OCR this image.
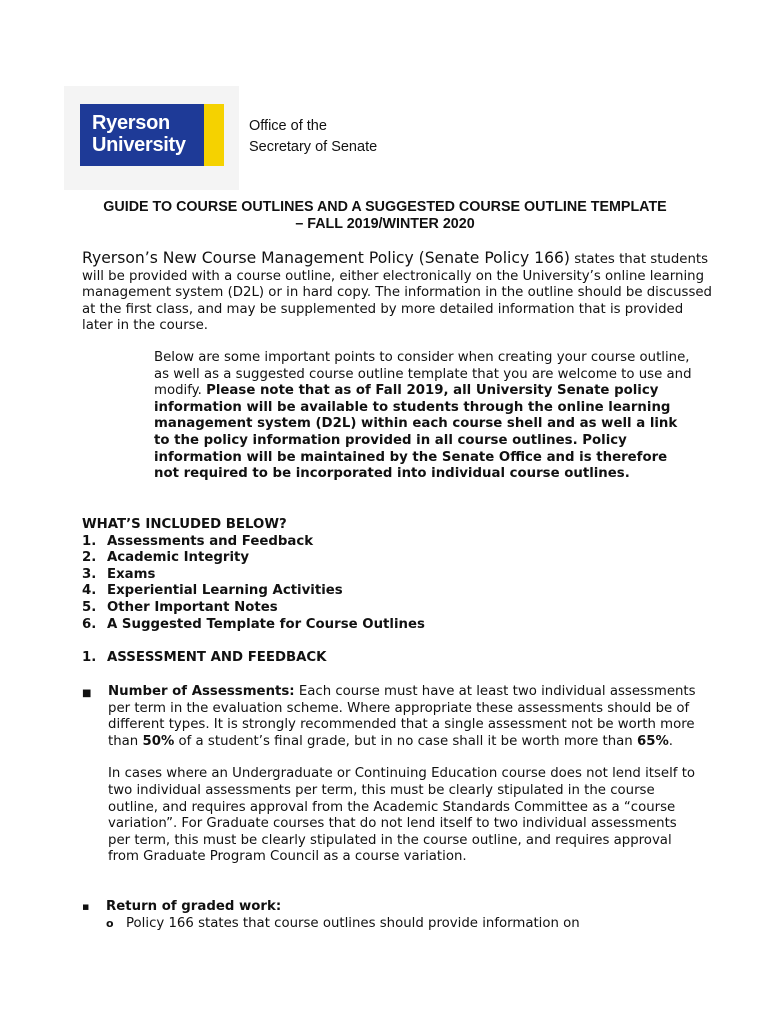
Ryerson
University
Office of the
Secretary of Senate
GUIDE TO COURSE OUTLINES AND A SUGGESTED COURSE OUTLINE TEMPLATE
– FALL 2019/WINTER 2020
Ryerson’s New Course Management Policy (Senate Policy 166) states that students will be provided with a course outline, either electronically on the University’s online learning management system (D2L) or in hard copy. The information in the outline should be discussed at the first class, and may be supplemented by more detailed information that is provided later in the course.
Below are some important points to consider when creating your course outline, as well as a suggested course outline template that you are welcome to use and modify. Please note that as of Fall 2019, all University Senate policy information will be available to students through the online learning management system (D2L) within each course shell and as well a link to the policy information provided in all course outlines. Policy information will be maintained by the Senate Office and is therefore not required to be incorporated into individual course outlines.
WHAT’S INCLUDED BELOW?
1. Assessments and Feedback
2. Academic Integrity
3. Exams
4. Experiential Learning Activities
5. Other Important Notes
6. A Suggested Template for Course Outlines
1. ASSESSMENT AND FEEDBACK
■ Number of Assessments: Each course must have at least two individual assessments per term in the evaluation scheme. Where appropriate these assessments should be of different types. It is strongly recommended that a single assessment not be worth more than 50% of a student’s final grade, but in no case shall it be worth more than 65%.

In cases where an Undergraduate or Continuing Education course does not lend itself to two individual assessments per term, this must be clearly stipulated in the course outline, and requires approval from the Academic Standards Committee as a “course variation”. For Graduate courses that do not lend itself to two individual assessments per term, this must be clearly stipulated in the course outline, and requires approval from Graduate Program Council as a course variation.

▪ Return of graded work:
o Policy 166 states that course outlines should provide information on
